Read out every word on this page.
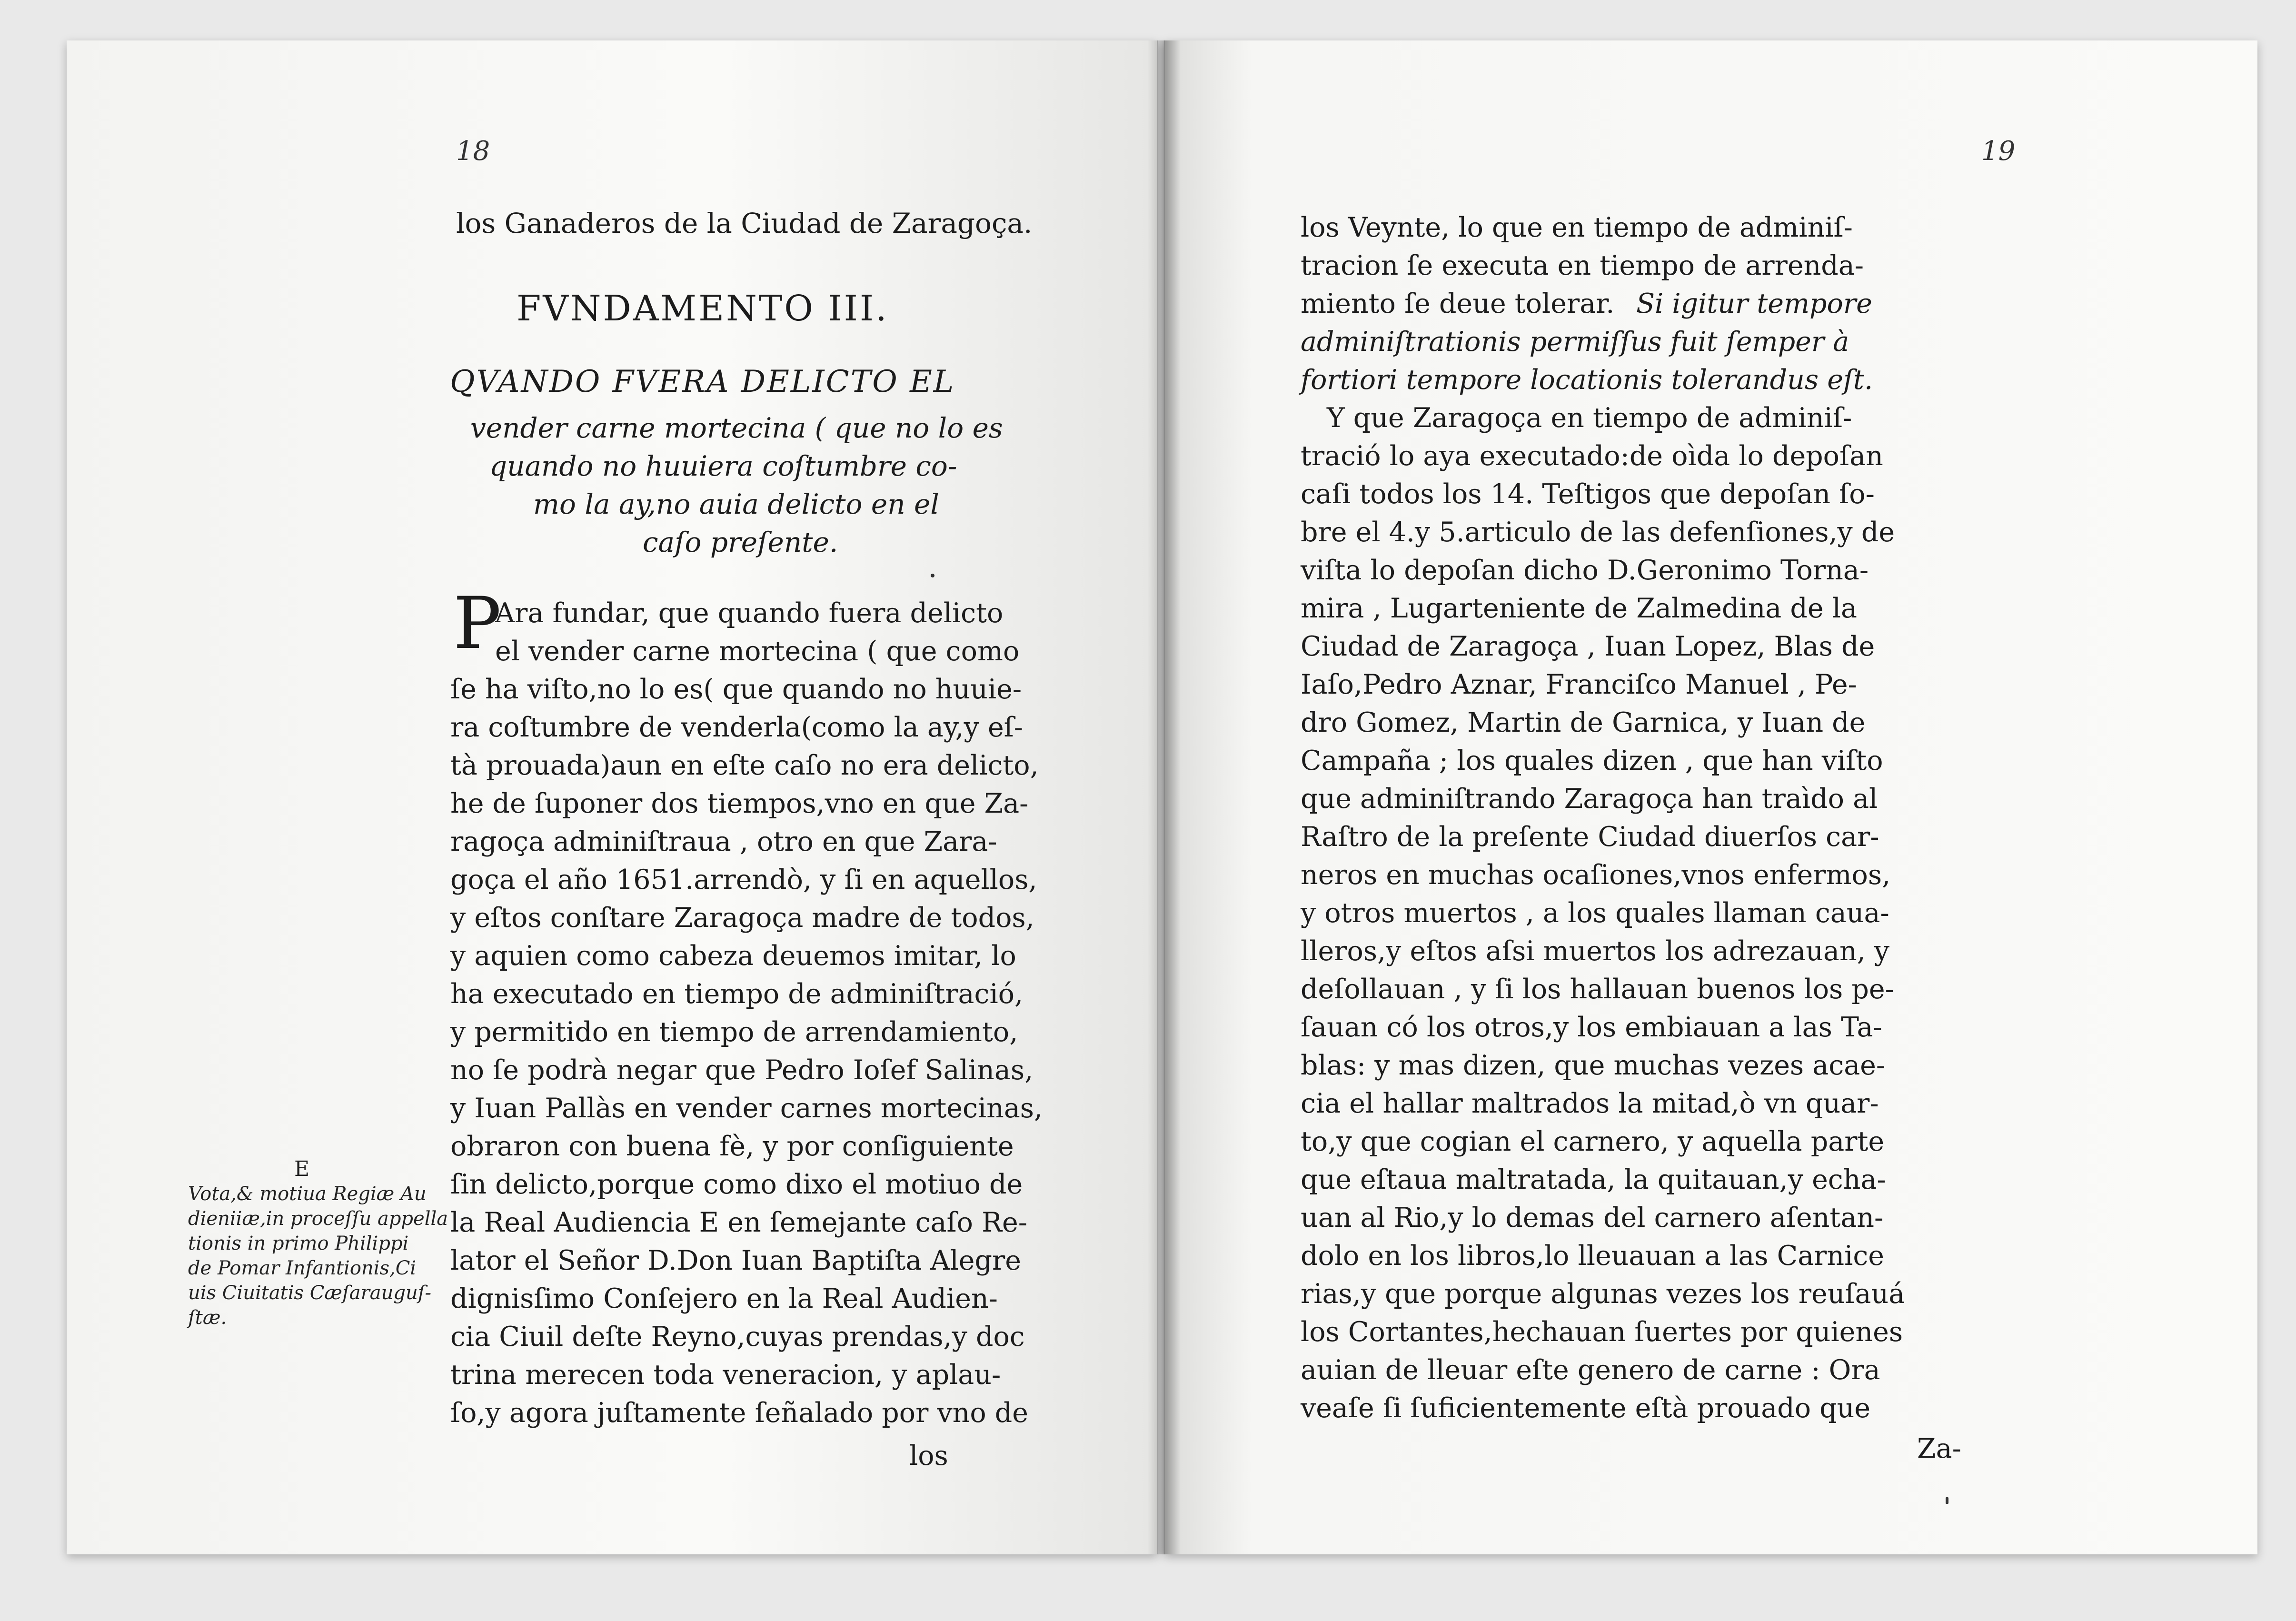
18
los Ganaderos de la Ciudad de Zaragoça.
FVNDAMENTO III.
QVANDO FVERA DELICTO EL
vender carne mortecina ( que no lo es
quando no huuiera coſtumbre co-
mo la ay,no auia delicto en el
caſo preſente.
P
Ara fundar, que quando fuera delicto
el vender carne mortecina ( que como
ſe ha viſto,no lo es( que quando no huuie-
ra coſtumbre de venderla(como la ay,y eſ-
tà prouada)aun en eſte caſo no era delicto,
he de ſuponer dos tiempos,vno en que Za-
ragoça adminiſtraua , otro en que Zara-
goça el año 1651.arrendò, y ſi en aquellos,
y eſtos conſtare Zaragoça madre de todos,
y aquien como cabeza deuemos imitar, lo
ha executado en tiempo de adminiſtració,
y permitido en tiempo de arrendamiento,
no ſe podrà negar que Pedro Ioſef Salinas,
y Iuan Pallàs en vender carnes mortecinas,
obraron con buena fè, y por conſiguiente
ſin delicto,porque como dixo el motiuo de
la Real Audiencia E en ſemejante caſo Re-
lator el Señor D.Don Iuan Baptiſta Alegre
dignisſimo Conſejero en la Real Audien-
cia Ciuil deſte Reyno,cuyas prendas,y doc
trina merecen toda veneracion, y aplau-
ſo,y agora juſtamente ſeñalado por vno de
los
E
Vota,& motiua Regiæ Au
dieniiæ,in proceſſu appella
tionis in primo Philippi
de Pomar Infantionis,Ci
uis Ciuitatis Cæſarauguſ-
ſtæ.
19
los Veynte, lo que en tiempo de adminiſ-
tracion ſe executa en tiempo de arrenda-
miento ſe deue tolerar. Si igitur tempore
adminiſtrationis permiſſus fuit ſemper à
fortiori tempore locationis tolerandus eſt.
Y que Zaragoça en tiempo de adminiſ-
tració lo aya executado:de oìda lo depoſan
caſi todos los 14. Teſtigos que depoſan ſo-
bre el 4.y 5.articulo de las defenſiones,y de
viſta lo depoſan dicho D.Geronimo Torna-
mira , Lugarteniente de Zalmedina de la
Ciudad de Zaragoça , Iuan Lopez, Blas de
Iaſo,Pedro Aznar, Franciſco Manuel , Pe-
dro Gomez, Martin de Garnica, y Iuan de
Campaña ; los quales dizen , que han viſto
que adminiſtrando Zaragoça han traìdo al
Raſtro de la preſente Ciudad diuerſos car-
neros en muchas ocaſiones,vnos enfermos,
y otros muertos , a los quales llaman caua-
lleros,y eſtos aſsi muertos los adrezauan, y
deſollauan , y ſi los hallauan buenos los pe-
ſauan có los otros,y los embiauan a las Ta-
blas: y mas dizen, que muchas vezes acae-
cia el hallar maltrados la mitad,ò vn quar-
to,y que cogian el carnero, y aquella parte
que eſtaua maltratada, la quitauan,y echa-
uan al Rio,y lo demas del carnero aſentan-
dolo en los libros,lo lleuauan a las Carnice
rias,y que porque algunas vezes los reuſauá
los Cortantes,hechauan ſuertes por quienes
auian de lleuar eſte genero de carne : Ora
veaſe ſi ſuficientemente eſtà prouado que
Za-
